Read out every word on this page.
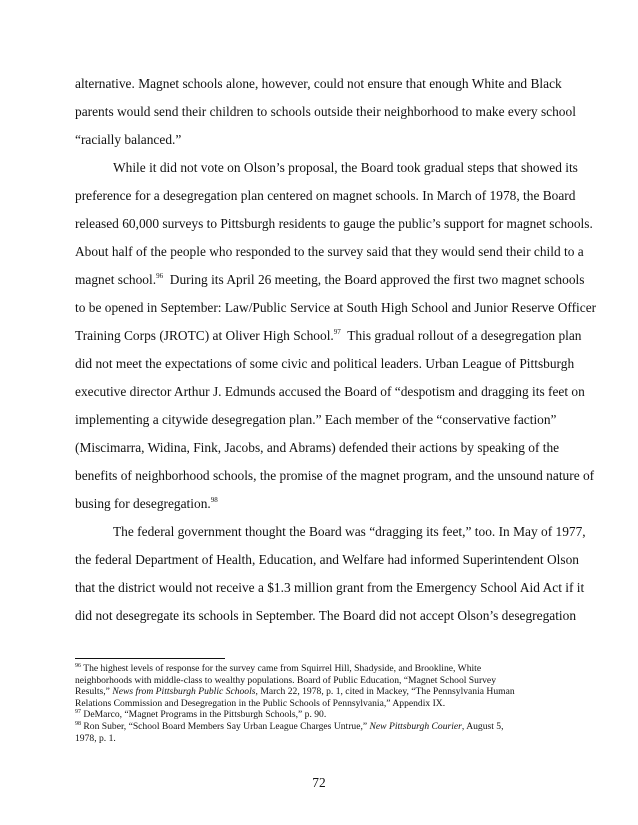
alternative. Magnet schools alone, however, could not ensure that enough White and Black
parents would send their children to schools outside their neighborhood to make every school
“racially balanced.”
While it did not vote on Olson’s proposal, the Board took gradual steps that showed its
preference for a desegregation plan centered on magnet schools. In March of 1978, the Board
released 60,000 surveys to Pittsburgh residents to gauge the public’s support for magnet schools.
About half of the people who responded to the survey said that they would send their child to a
magnet school.$^{96}$ During its April 26 meeting, the Board approved the first two magnet schools
to be opened in September: Law/Public Service at South High School and Junior Reserve Officer
Training Corps (JROTC) at Oliver High School.$^{97}$ This gradual rollout of a desegregation plan
did not meet the expectations of some civic and political leaders. Urban League of Pittsburgh
executive director Arthur J. Edmunds accused the Board of “despotism and dragging its feet on
implementing a citywide desegregation plan.” Each member of the “conservative faction”
(Miscimarra, Widina, Fink, Jacobs, and Abrams) defended their actions by speaking of the
benefits of neighborhood schools, the promise of the magnet program, and the unsound nature of
busing for desegregation.$^{98}$
The federal government thought the Board was “dragging its feet,” too. In May of 1977,
the federal Department of Health, Education, and Welfare had informed Superintendent Olson
that the district would not receive a $1.3 million grant from the Emergency School Aid Act if it
did not desegregate its schools in September. The Board did not accept Olson’s desegregation
$^{96}$ The highest levels of response for the survey came from Squirrel Hill, Shadyside, and Brookline, White
neighborhoods with middle-class to wealthy populations. Board of Public Education, “Magnet School Survey
Results,” News from Pittsburgh Public Schools, March 22, 1978, p. 1, cited in Mackey, “The Pennsylvania Human
Relations Commission and Desegregation in the Public Schools of Pennsylvania,” Appendix IX.
$^{97}$ DeMarco, “Magnet Programs in the Pittsburgh Schools,” p. 90.
$^{98}$ Ron Suber, “School Board Members Say Urban League Charges Untrue,” New Pittsburgh Courier, August 5,
1978, p. 1.
72
